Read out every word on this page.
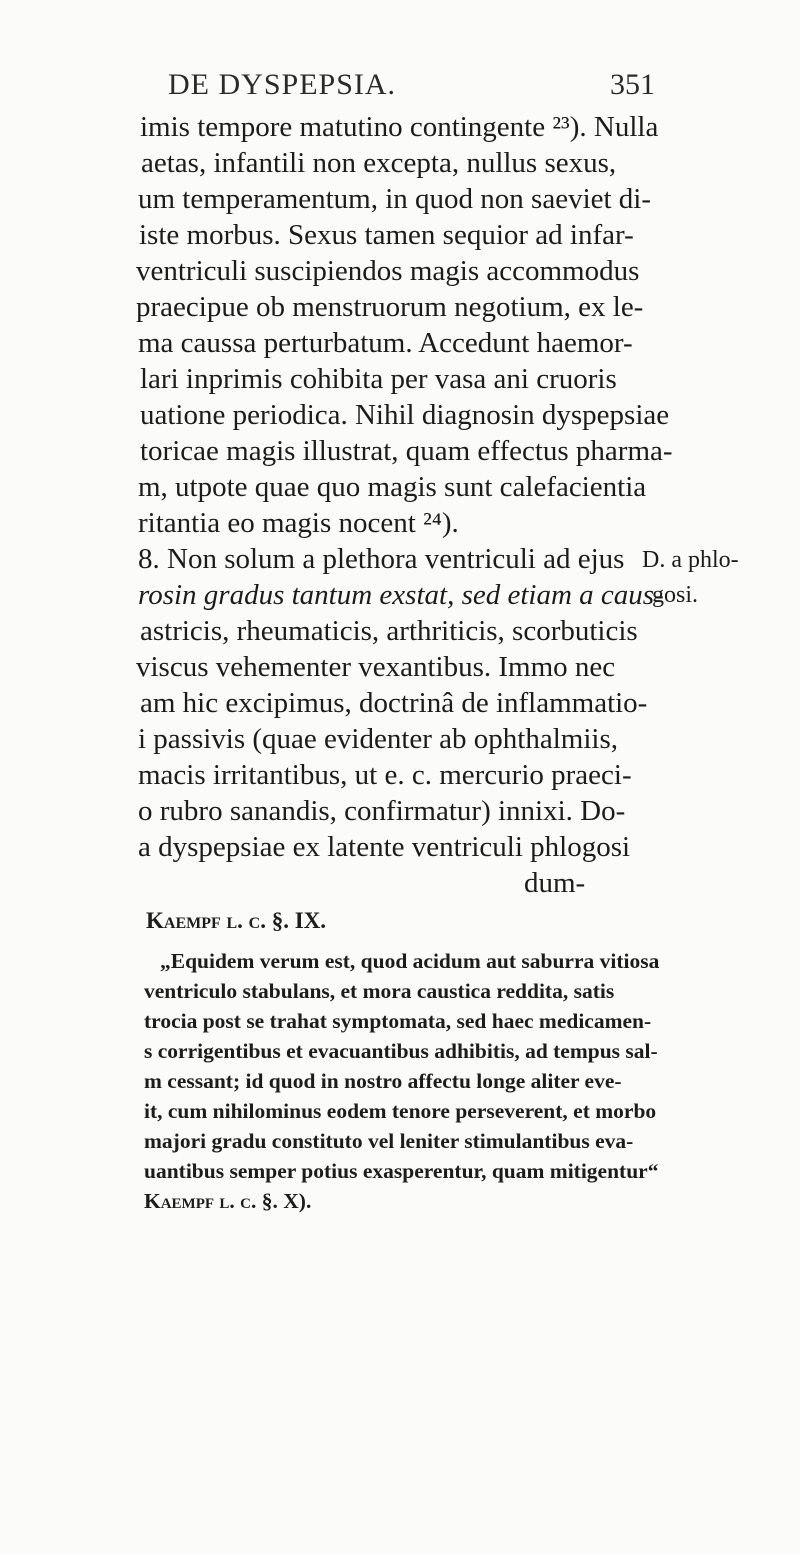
DE DYSPEPSIA.	351
imis tempore matutino contingente ²³). Nulla
aetas, infantili non excepta, nullus sexus,
um temperamentum, in quod non saeviet di-
iste morbus. Sexus tamen sequior ad infar-
ventriculi suscipiendos magis accommodus
praecipue ob menstruorum negotium, ex le-
ma caussa perturbatum. Accedunt haemor-
lari inprimis cohibita per vasa ani cruoris
uatione periodica. Nihil diagnosin dyspepsiae
toricae magis illustrat, quam effectus pharma-
m, utpote quae quo magis sunt calefacientia
ritantia eo magis nocent ²⁴).
8. Non solum a plethora ventriculi ad ejus
rosin gradus tantum exstat, sed etiam a caus-
astricis, rheumaticis, arthriticis, scorbuticis
viscus vehementer vexantibus. Immo nec
am hic excipimus, doctrinâ de inflammatio-
i passivis (quae evidenter ab ophthalmiis,
macis irritantibus, ut e. c. mercurio praeci-
o rubro sanandis, confirmatur) innixi. Do-
a dyspepsiae ex latente ventriculi phlogosi
dum-
D. a phlo-
gosi.
Kaempf l. c. §. IX.
„Equidem verum est, quod acidum aut saburra vitiosa
ventriculo stabulans, et mora caustica reddita, satis
trocia post se trahat symptomata, sed haec medicamen-
s corrigentibus et evacuantibus adhibitis, ad tempus sal-
m cessant; id quod in nostro affectu longe aliter eve-
it, cum nihilominus eodem tenore perseverent, et morbo
majori gradu constituto vel leniter stimulantibus eva-
uantibus semper potius exasperentur, quam mitigentur“
Kaempf l. c. §. X).
